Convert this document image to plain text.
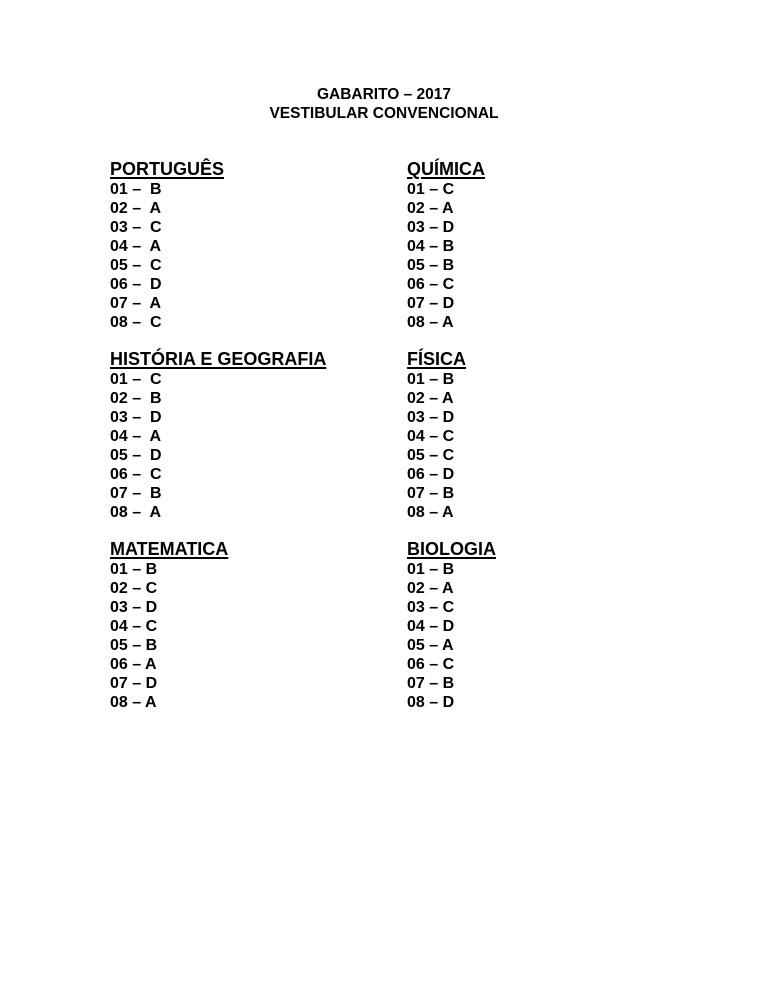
GABARITO – 2017
VESTIBULAR CONVENCIONAL
PORTUGUÊS
01 –  B
02 –  A
03 –  C
04 –  A
05 –  C
06 –  D
07 –  A
08 –  C
QUÍMICA
01 – C
02 – A
03 – D
04 – B
05 – B
06 – C
07 – D
08 – A
HISTÓRIA E GEOGRAFIA
01 –  C
02 –  B
03 –  D
04 –  A
05 –  D
06 –  C
07 –  B
08 –  A
FÍSICA
01 – B
02 – A
03 – D
04 – C
05 – C
06 – D
07 – B
08 – A
MATEMATICA
01 – B
02 – C
03 – D
04 – C
05 – B
06 – A
07 – D
08 – A
BIOLOGIA
01 – B
02 – A
03 – C
04 – D
05 – A
06 – C
07 – B
08 – D
